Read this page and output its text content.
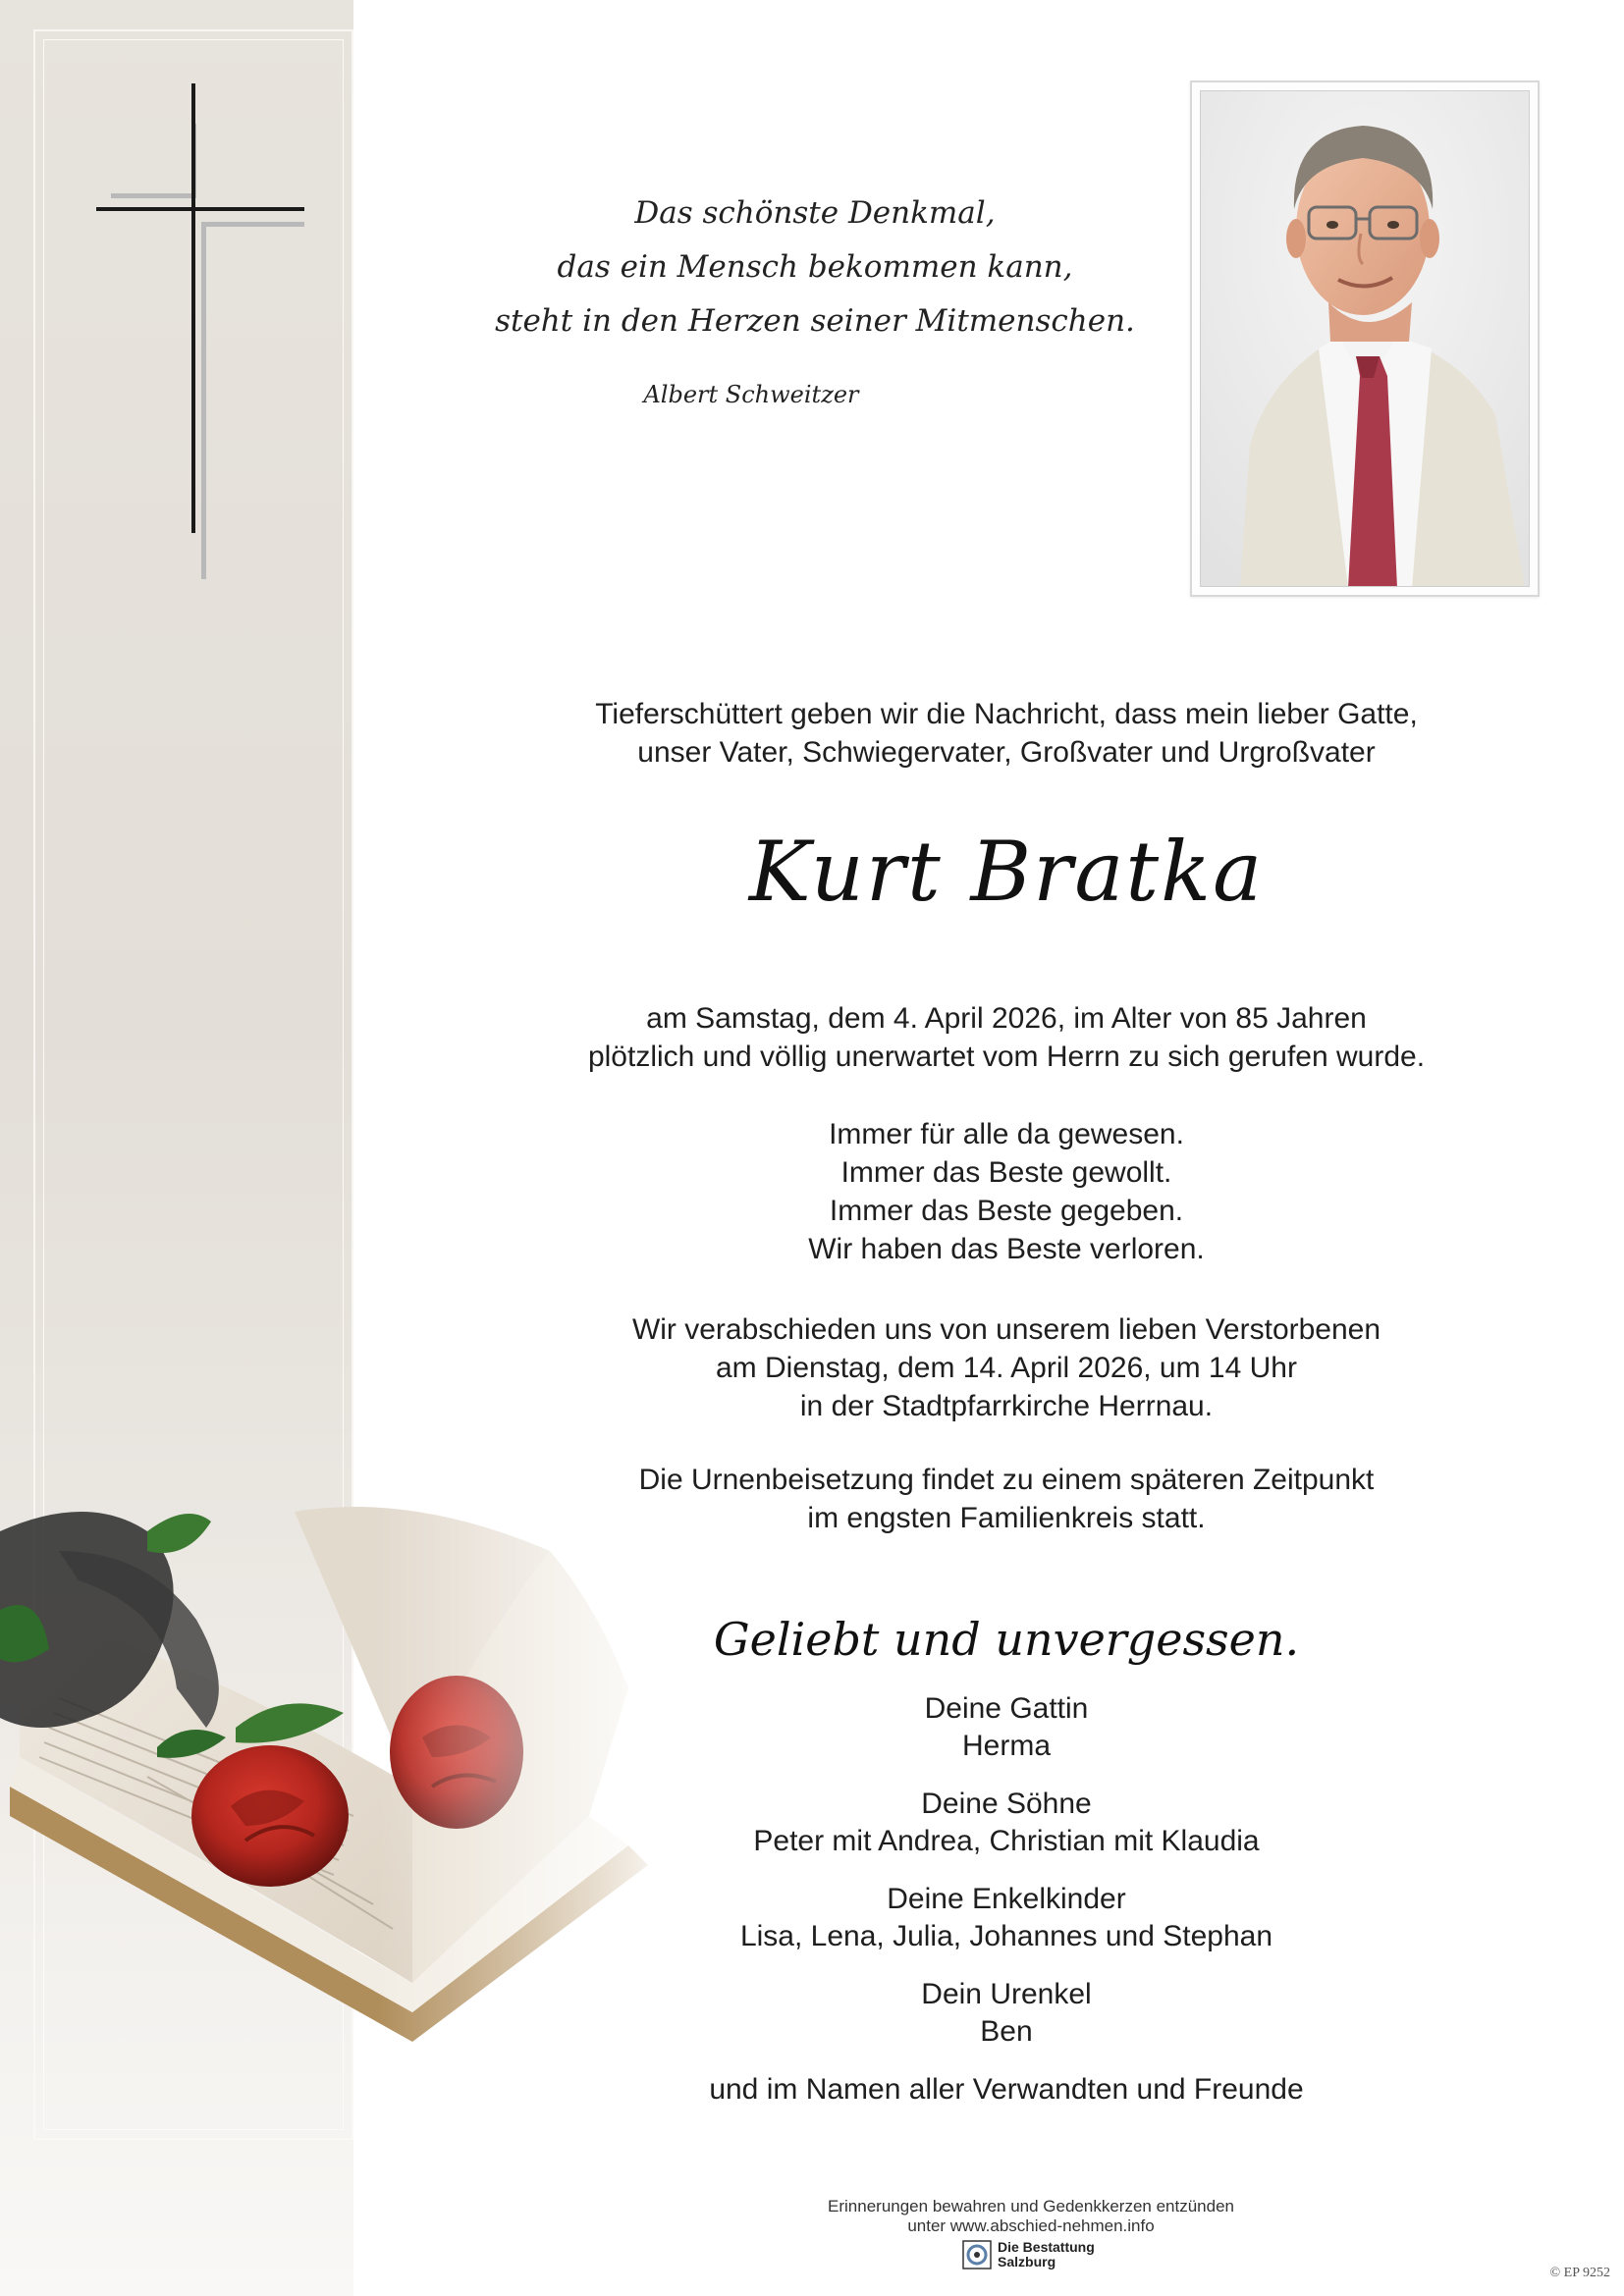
Das schönste Denkmal,
das ein Mensch bekommen kann,
steht in den Herzen seiner Mitmenschen.
Albert Schweitzer
Tieferschüttert geben wir die Nachricht, dass mein lieber Gatte,
unser Vater, Schwiegervater, Großvater und Urgroßvater
Kurt Bratka
am Samstag, dem 4. April 2026, im Alter von 85 Jahren
plötzlich und völlig unerwartet vom Herrn zu sich gerufen wurde.
Immer für alle da gewesen.
Immer das Beste gewollt.
Immer das Beste gegeben.
Wir haben das Beste verloren.
Wir verabschieden uns von unserem lieben Verstorbenen
am Dienstag, dem 14. April 2026, um 14 Uhr
in der Stadtpfarrkirche Herrnau.
Die Urnenbeisetzung findet zu einem späteren Zeitpunkt
im engsten Familienkreis statt.
Geliebt und unvergessen.
Deine Gattin
Herma
Deine Söhne
Peter mit Andrea, Christian mit Klaudia
Deine Enkelkinder
Lisa, Lena, Julia, Johannes und Stephan
Dein Urenkel
Ben
und im Namen aller Verwandten und Freunde
Erinnerungen bewahren und Gedenkkerzen entzünden
unter www.abschied-nehmen.info
Die Bestattung
Salzburg
© EP 9252
